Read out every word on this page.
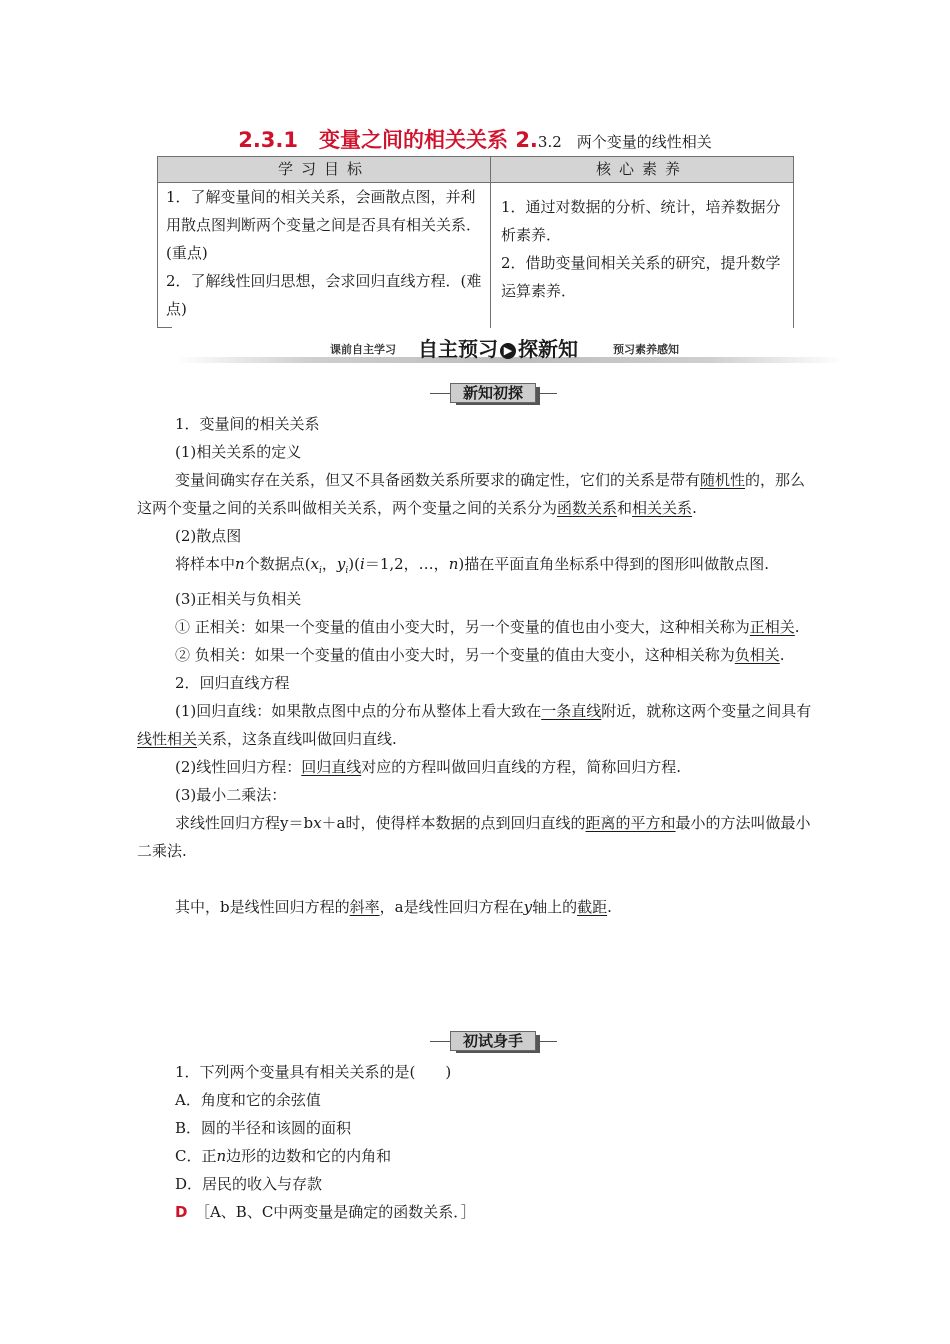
2.3.1　变量之间的相关关系 2.3.2　两个变量的线性相关
学习目标	核心素养

1．了解变量间的相关关系，会画散点图，并利用散点图判断两个变量之间是否具有相关关系．(重点)

2．了解线性回归思想，会求回归直线方程．(难点)

1．通过对数据的分析、统计，培养数据分析素养．

2．借助变量间相关关系的研究，提升数学运算素养．

课前自主学习 自主预习 ▶ 探新知	预习素养感知
新知初探

1．变量间的相关关系

(1)相关关系的定义

变量间确实存在关系，但又不具备函数关系所要求的确定性，它们的关系是带有随机性的，那么这两个变量之间的关系叫做相关关系，两个变量之间的关系分为函数关系和相关关系.

(2)散点图

将样本中n个数据点($x_i$，$y_i)(i=1,2$，…，n)描在平面直角坐标系中得到的图形叫做散点图.

(3)正相关与负相关

① 正相关：如果一个变量的值由小变大时，另一个变量的值也由小变大，这种相关称为正相关.

② 负相关：如果一个变量的值由小变大时，另一个变量的值由大变小，这种相关称为负相关.

2．回归直线方程

(1)回归直线：如果散点图中点的分布从整体上看大致在一条直线附近，就称这两个变量之间具有线性相关关系，这条直线叫做回归直线.

(2)线性回归方程：回归直线对应的方程叫做回归直线的方程，简称回归方程.

(3)最小二乘法：

求线性回归方程y＝bx＋a时，使得样本数据的点到回归直线的距离的平方和最小的方法叫做最小二乘法.

其中，b是线性回归方程的斜率，a是线性回归方程在y轴上的截距.

初试身手

1．下列两个变量具有相关关系的是(　　)

A．角度和它的余弦值

B．圆的半径和该圆的面积

C．正n边形的边数和它的内角和

D．居民的收入与存款

D　 ［A、B、C中两变量是确定的函数关系．］
